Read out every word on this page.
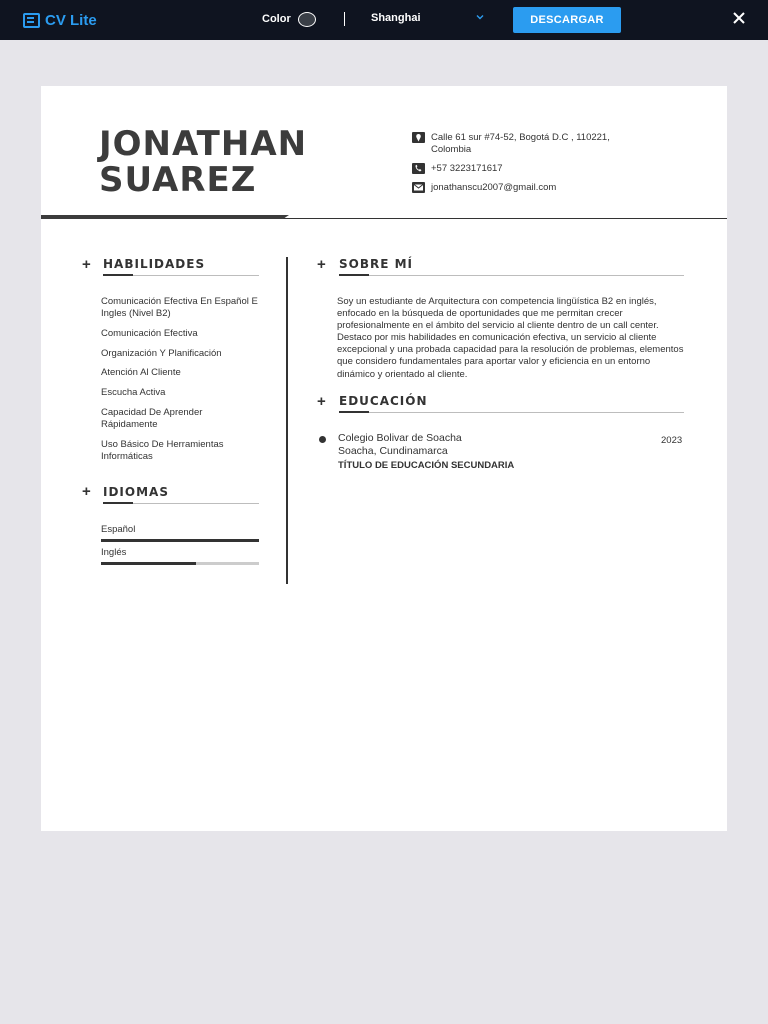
CV Lite	Color	Shanghai	DESCARGAR
JONATHAN
SUAREZ
Calle 61 sur #74-52, Bogotá D.C , 110221,
Colombia
+57 3223171617
jonathanscu2007@gmail.com
+ HABILIDADES
Comunicación Efectiva En Español E Ingles (Nivel B2)
Comunicación Efectiva
Organización Y Planificación
Atención Al Cliente
Escucha Activa
Capacidad De Aprender Rápidamente
Uso Básico De Herramientas Informáticas
+ IDIOMAS
Español
Inglés
+ SOBRE MÍ
Soy un estudiante de Arquitectura con competencia lingüística B2 en inglés, enfocado en la búsqueda de oportunidades que me permitan crecer profesionalmente en el ámbito del servicio al cliente dentro de un call center. Destaco por mis habilidades en comunicación efectiva, un servicio al cliente excepcional y una probada capacidad para la resolución de problemas, elementos que considero fundamentales para aportar valor y eficiencia en un entorno dinámico y orientado al cliente.
+ EDUCACIÓN
Colegio Bolivar de Soacha
Soacha, Cundinamarca
TÍTULO DE EDUCACIÓN SECUNDARIA
2023
